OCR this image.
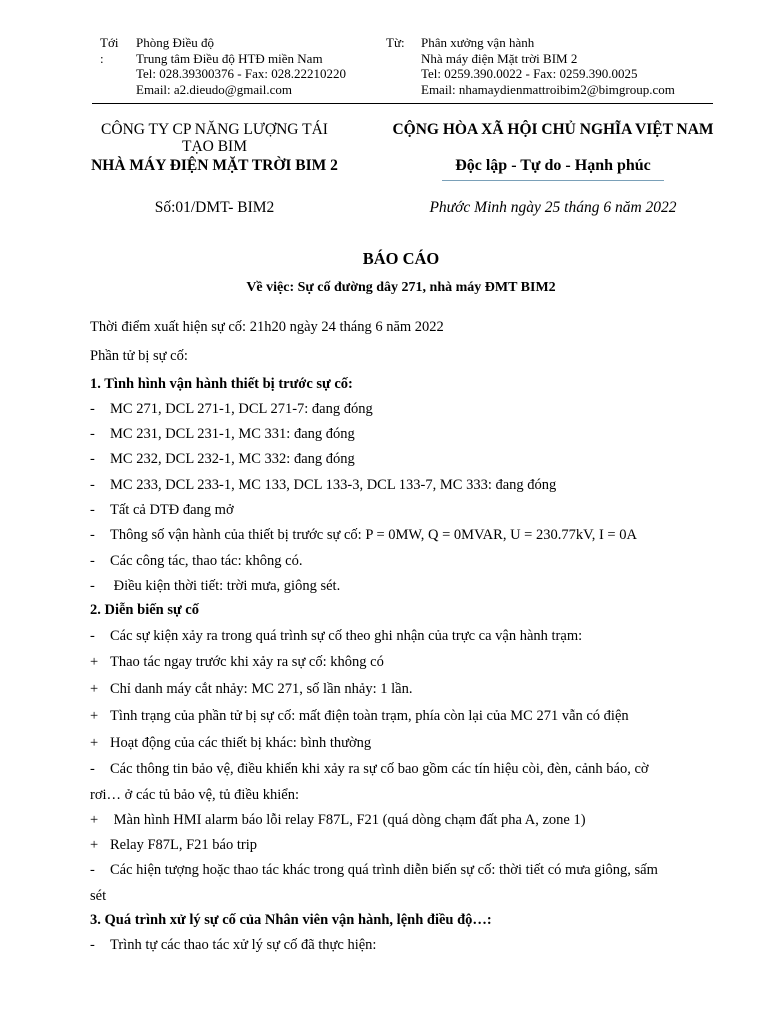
Tới
:
Phòng Điều độ
Trung tâm Điều độ HTĐ miền Nam
Tel: 028.39300376 - Fax: 028.22210220
Email: a2.dieudo@gmail.com
Từ: Phân xưởng vận hành
Nhà máy điện Mặt trời BIM 2
Tel: 0259.390.0022 - Fax: 0259.390.0025
Email: nhamaydienmattroibim2@bimgroup.com
CÔNG TY CP NĂNG LƯỢNG TÁI
TẠO BIM
NHÀ MÁY ĐIỆN MẶT TRỜI BIM 2
Số:01/DMT- BIM2
CỘNG HÒA XÃ HỘI CHỦ NGHĨA VIỆT NAM
Độc lập - Tự do - Hạnh phúc
Phước Minh ngày 25 tháng 6 năm 2022
BÁO CÁO
Về việc: Sự cố đường dây 271, nhà máy ĐMT BIM2
Thời điểm xuất hiện sự cố: 21h20 ngày 24 tháng 6 năm 2022
Phần tử bị sự cố:
1. Tình hình vận hành thiết bị trước sự cố:
- MC 271, DCL 271-1, DCL 271-7: đang đóng
- MC 231, DCL 231-1, MC 331: đang đóng
- MC 232, DCL 232-1, MC 332: đang đóng
- MC 233, DCL 233-1, MC 133, DCL 133-3, DCL 133-7, MC 333: đang đóng
- Tất cả DTĐ đang mở
- Thông số vận hành của thiết bị trước sự cố: P = 0MW, Q = 0MVAR, U = 230.77kV, I = 0A
- Các công tác, thao tác: không có.
- Điều kiện thời tiết: trời mưa, giông sét.
2. Diễn biến sự cố
- Các sự kiện xảy ra trong quá trình sự cố theo ghi nhận của trực ca vận hành trạm:
+ Thao tác ngay trước khi xảy ra sự cố: không có
+ Chỉ danh máy cắt nhảy: MC 271, số lần nhảy: 1 lần.
+ Tình trạng của phần tử bị sự cố: mất điện toàn trạm, phía còn lại của MC 271 vẫn có điện
+ Hoạt động của các thiết bị khác: bình thường
- Các thông tin bảo vệ, điều khiển khi xảy ra sự cố bao gồm các tín hiệu còi, đèn, cảnh báo, cờ
rơi… ở các tủ bảo vệ, tủ điều khiển:
+ Màn hình HMI alarm báo lỗi relay F87L, F21 (quá dòng chạm đất pha A, zone 1)
+ Relay F87L, F21 báo trip
- Các hiện tượng hoặc thao tác khác trong quá trình diễn biến sự cố: thời tiết có mưa giông, sấm
sét
3. Quá trình xử lý sự cố của Nhân viên vận hành, lệnh điều độ…:
- Trình tự các thao tác xử lý sự cố đã thực hiện:
